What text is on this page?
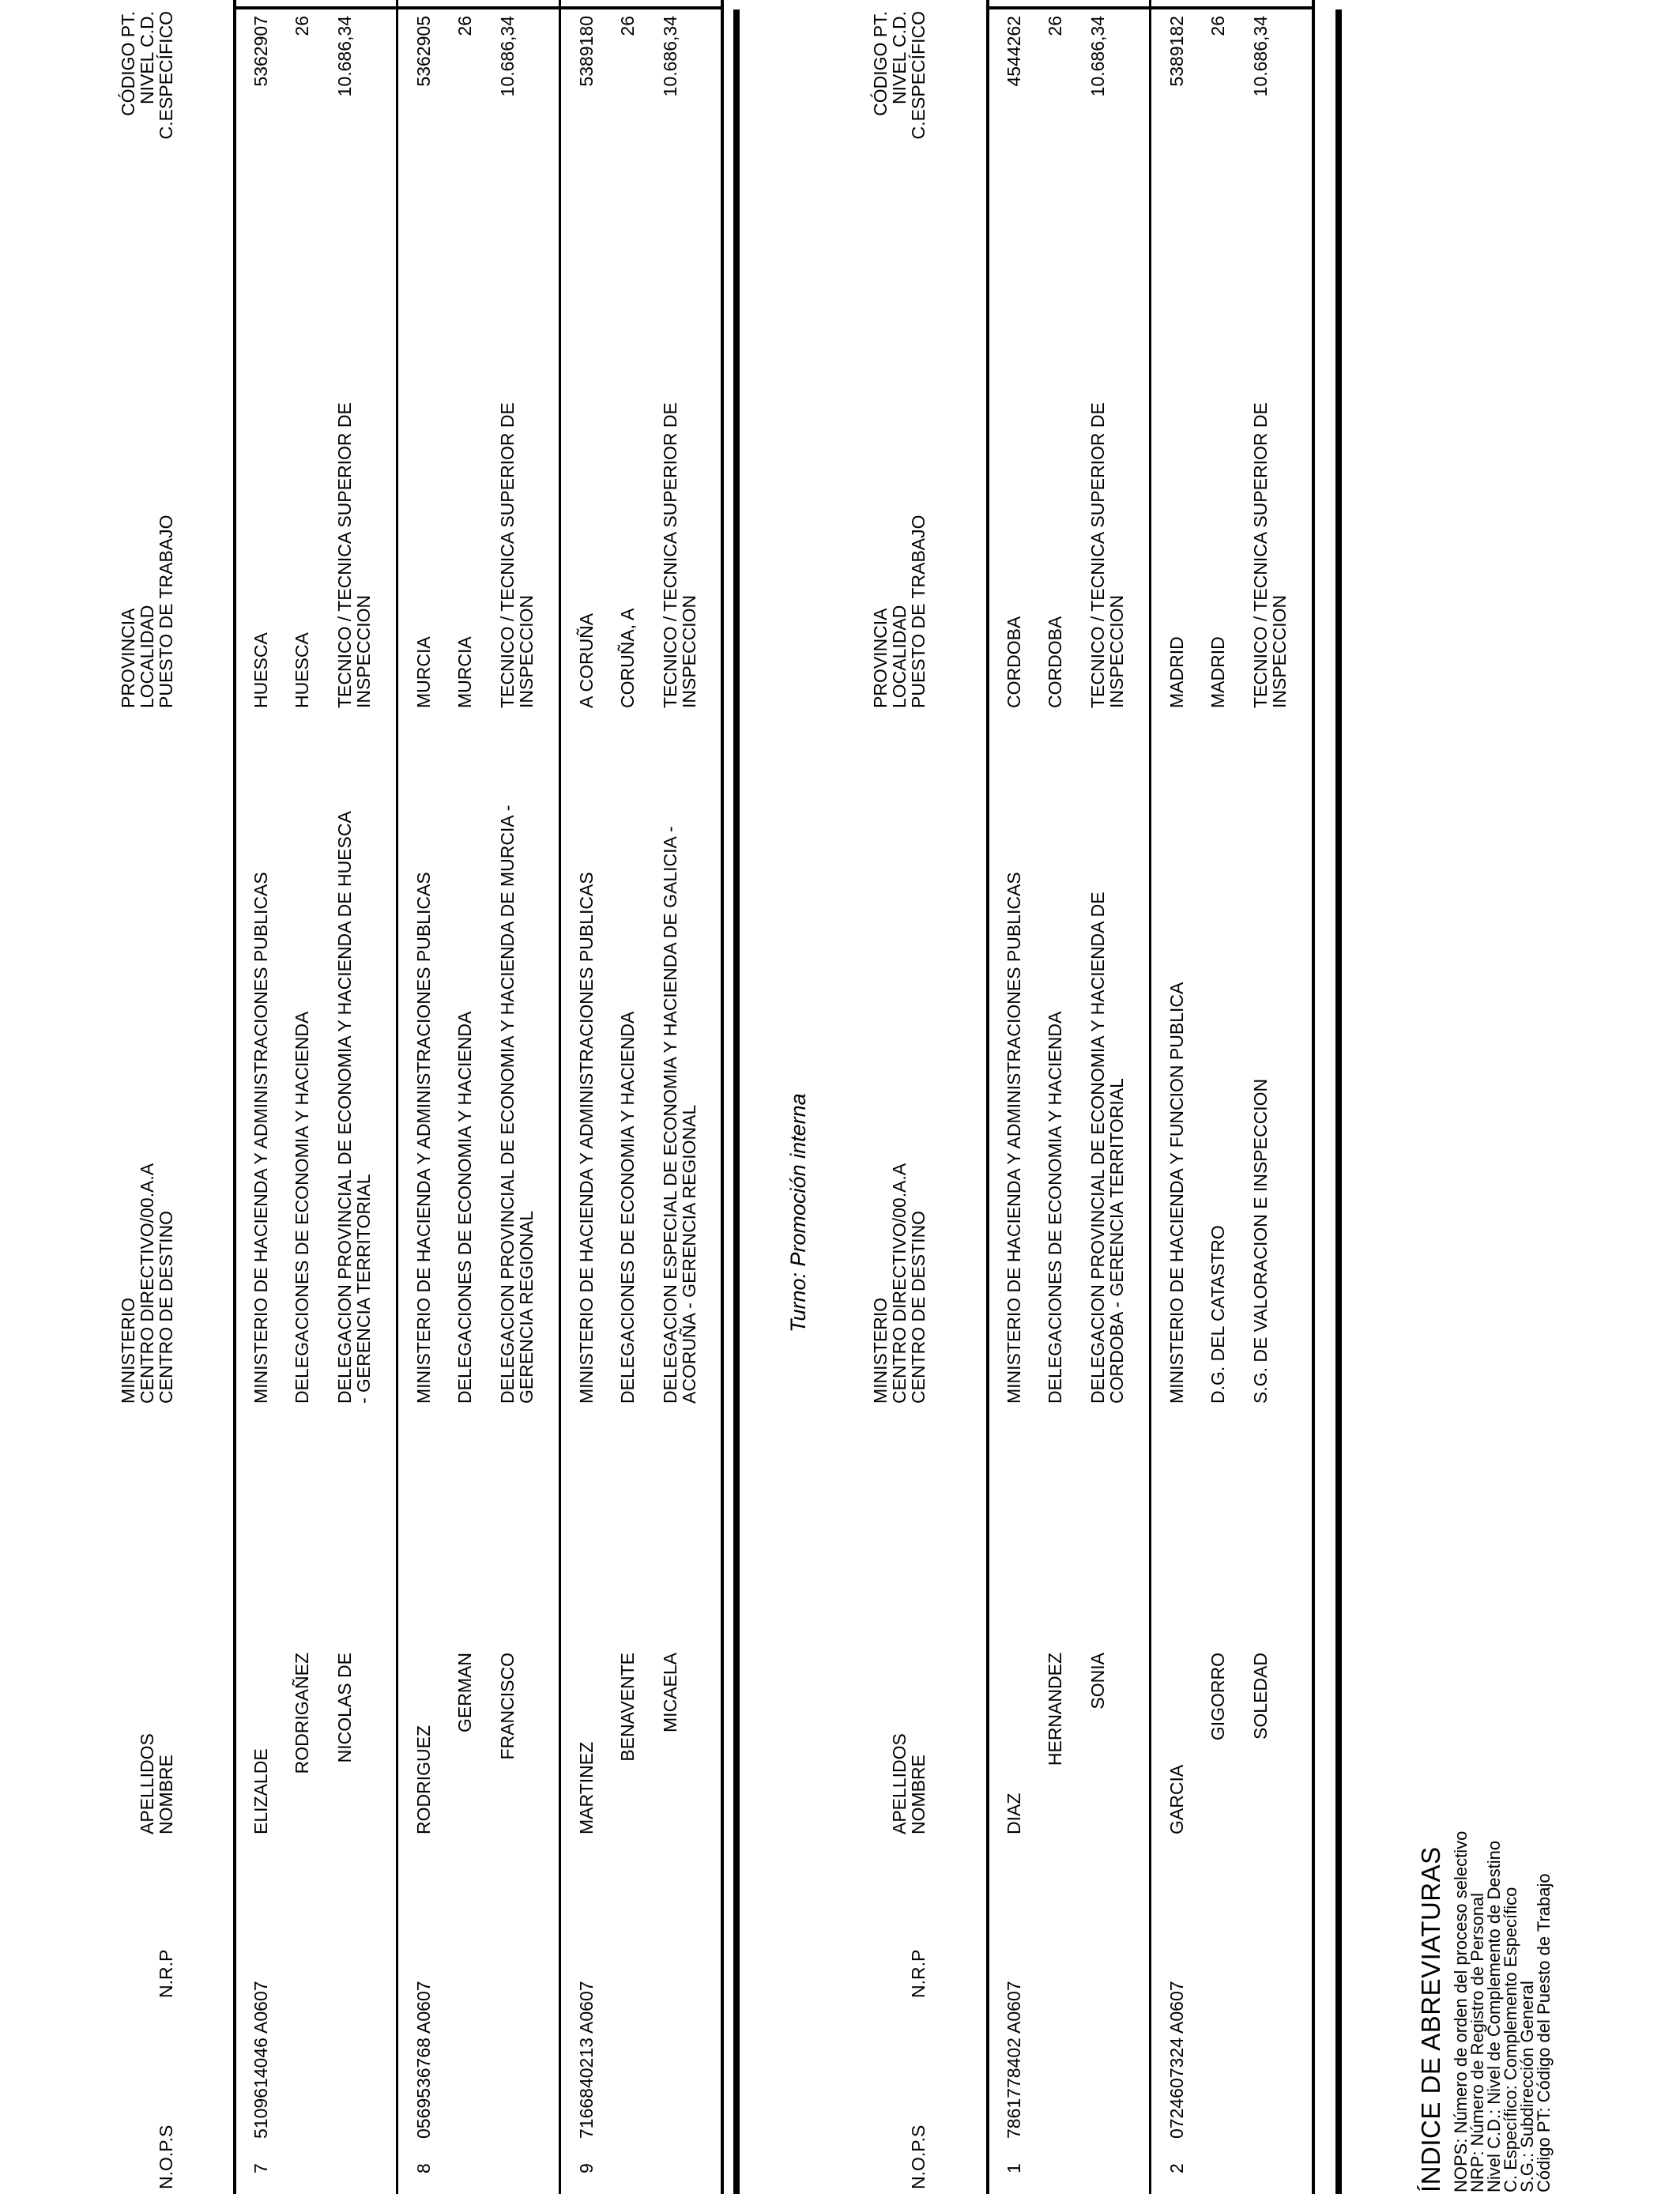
N.O.P.S
N.R.P
APELLIDOS
NOMBRE
MINISTERIO
CENTRO DIRECTIVO/00.A.A
CENTRO DE DESTINO
PROVINCIA
LOCALIDAD
PUESTO DE TRABAJO
CÓDIGO PT.
NIVEL C.D.
C.ESPECÍFICO
7
5109614046 A0607
ELIZALDE
RODRIGAÑEZ NICOLAS DE
MINISTERIO DE HACIENDA Y ADMINISTRACIONES PUBLICAS DELEGACIONES DE ECONOMIA Y HACIENDA DELEGACION PROVINCIAL DE ECONOMIA Y HACIENDA DE HUESCA - GERENCIA TERRITORIAL
HUESCA HUESCA TECNICO / TECNICA SUPERIOR DE INSPECCION
5362907 26 10.686,34
8
0569536768 A0607
RODRIGUEZ
GERMAN FRANCISCO
MINISTERIO DE HACIENDA Y ADMINISTRACIONES PUBLICAS DELEGACIONES DE ECONOMIA Y HACIENDA DELEGACION PROVINCIAL DE ECONOMIA Y HACIENDA DE MURCIA - GERENCIA REGIONAL
MURCIA MURCIA TECNICO / TECNICA SUPERIOR DE INSPECCION
5362905 26 10.686,34
9
7166840213 A0607
MARTINEZ
BENAVENTE MICAELA
MINISTERIO DE HACIENDA Y ADMINISTRACIONES PUBLICAS DELEGACIONES DE ECONOMIA Y HACIENDA DELEGACION ESPECIAL DE ECONOMIA Y HACIENDA DE GALICIA - ACORUÑA - GERENCIA REGIONAL
A CORUÑA CORUÑA, A TECNICO / TECNICA SUPERIOR DE INSPECCION
5389180 26 10.686,34
Turno: Promoción interna
N.O.P.S
N.R.P
APELLIDOS
NOMBRE
MINISTERIO
CENTRO DIRECTIVO/00.A.A
CENTRO DE DESTINO
PROVINCIA
LOCALIDAD
PUESTO DE TRABAJO
CÓDIGO PT.
NIVEL C.D.
C.ESPECÍFICO
1
7861778402 A0607
DIAZ
HERNANDEZ SONIA
MINISTERIO DE HACIENDA Y ADMINISTRACIONES PUBLICAS DELEGACIONES DE ECONOMIA Y HACIENDA DELEGACION PROVINCIAL DE ECONOMIA Y HACIENDA DE CORDOBA - GERENCIA TERRITORIAL
CORDOBA CORDOBA TECNICO / TECNICA SUPERIOR DE INSPECCION
4544262 26 10.686,34
2
0724607324 A0607
GARCIA
GIGORRO SOLEDAD
MINISTERIO DE HACIENDA Y FUNCION PUBLICA D.G. DEL CATASTRO S.G. DE VALORACION E INSPECCION
MADRID MADRID TECNICO / TECNICA SUPERIOR DE INSPECCION
5389182 26 10.686,34
ÍNDICE DE ABREVIATURAS NOPS: Número de orden del proceso selectivo
NRP: Número de Registro de Personal
Nivel C.D.: Nivel de Complemento de Destino
C. Específico: Complemento Específico
S.G.: Subdirección General
Código PT: Código del Puesto de Trabajo
